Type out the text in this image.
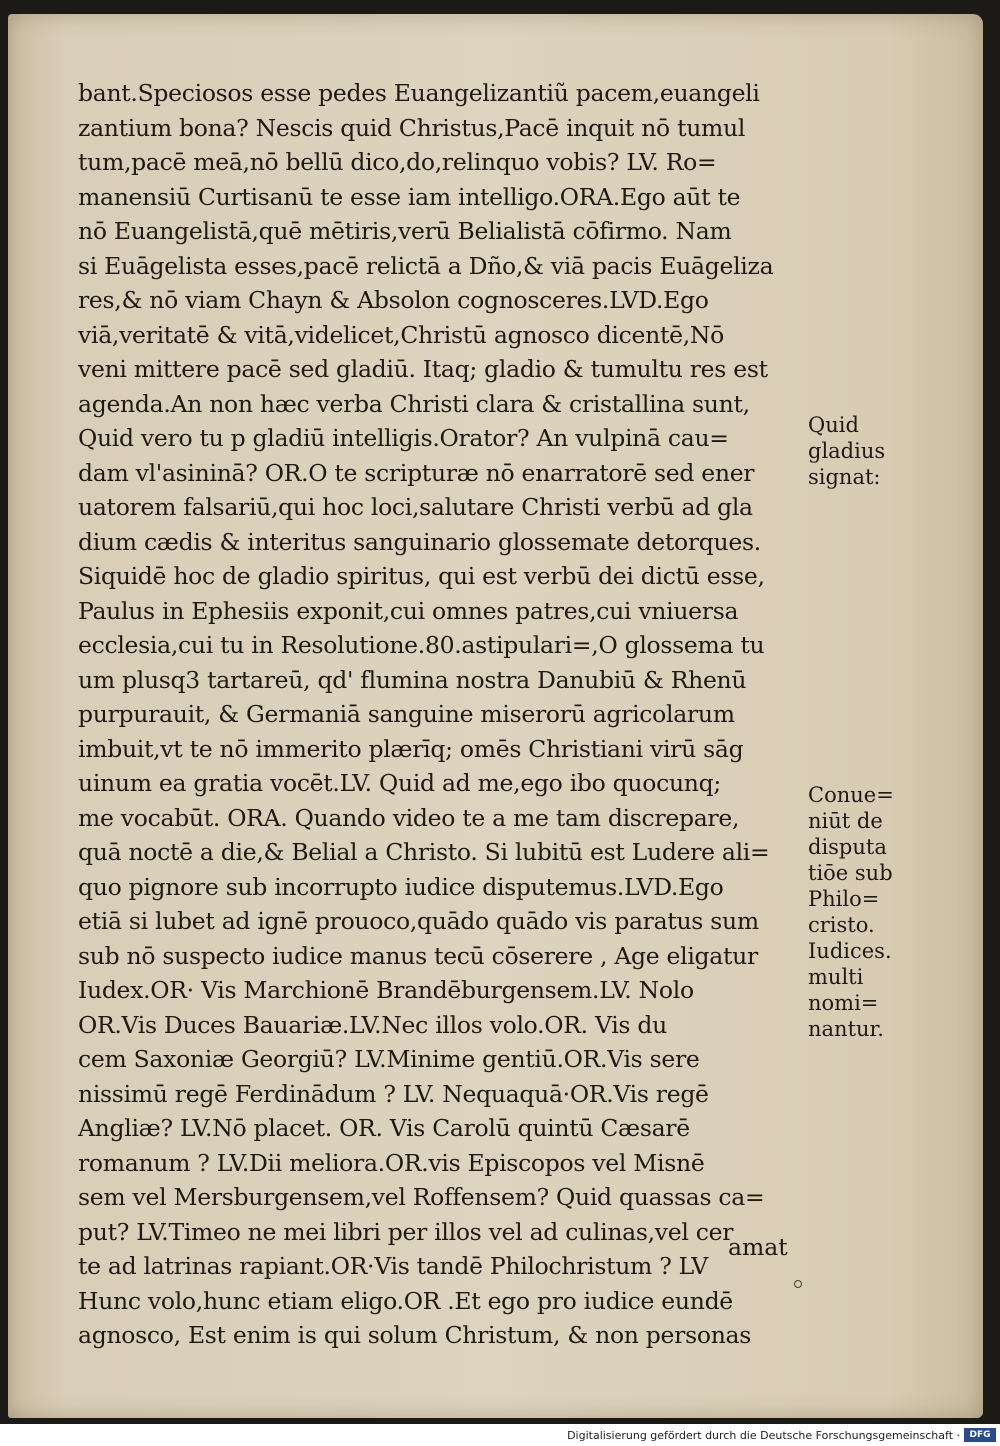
bant.Speciosos esse pedes Euangelizantiũ pacem,euangeli
zantium bona? Nescis quid Christus,Pacē inquit nō tumul
tum,pacē meā,nō bellū dico,do,relinquo vobis? LV. Ro=
manensiū Curtisanū te esse iam intelligo.ORA.Ego aūt te
nō Euangelistā,quē mētiris,verū Belialistā cōfirmo. Nam
si Euāgelista esses,pacē relictā a Dño,& viā pacis Euāgeliza
res,& nō viam Chayn & Absolon cognosceres.LVD.Ego
viā,veritatē & vitā,videlicet,Christū agnosco dicentē,Nō
veni mittere pacē sed gladiū. Itaq; gladio & tumultu res est
agenda.An non hæc verba Christi clara & cristallina sunt,
Quid vero tu p gladiū intelligis.Orator? An vulpinā cau=
dam vl'asininā? OR.O te scripturæ nō enarratorē sed ener
uatorem falsariū,qui hoc loci,salutare Christi verbū ad gla
dium cædis & interitus sanguinario glossemate detorques.
Siquidē hoc de gladio spiritus, qui est verbū dei dictū esse,
Paulus in Ephesiis exponit,cui omnes patres,cui vniuersa
ecclesia,cui tu in Resolutione.80.astipulari=,O glossema tu
um plusq3 tartareū, qd' flumina nostra Danubiū & Rhenū
purpurauit, & Germaniā sanguine miserorū agricolarum
imbuit,vt te nō immerito plærīq; omēs Christiani virū sāg
uinum ea gratia vocēt.LV. Quid ad me,ego ibo quocunq;
me vocabūt. ORA. Quando video te a me tam discrepare,
quā noctē a die,& Belial a Christo. Si lubitū est Ludere ali=
quo pignore sub incorrupto iudice disputemus.LVD.Ego
etiā si lubet ad ignē prouoco,quādo quādo vis paratus sum
sub nō suspecto iudice manus tecū cōserere , Age eligatur
Iudex.OR· Vis Marchionē Brandēburgensem.LV. Nolo
OR.Vis Duces Bauariæ.LV.Nec illos volo.OR. Vis du
cem Saxoniæ Georgiū? LV.Minime gentiū.OR.Vis sere
nissimū regē Ferdinādum ? LV. Nequaquā·OR.Vis regē
Angliæ? LV.Nō placet. OR. Vis Carolū quintū Cæsarē
romanum ? LV.Dii meliora.OR.vis Episcopos vel Misnē
sem vel Mersburgensem,vel Roffensem? Quid quassas ca=
put? LV.Timeo ne mei libri per illos vel ad culinas,vel cer
te ad latrinas rapiant.OR·Vis tandē Philochristum ? LV
Hunc volo,hunc etiam eligo.OR .Et ego pro iudice eundē
agnosco, Est enim is qui solum Christum, & non personas
Quid
gladius
signat:
Conue=
niūt de
disputa
tiōe sub
Philo=
cristo.
Iudices.
multi
nomi=
nantur.
amat
Digitalisierung gefördert durch die Deutsche Forschungsgemeinschaft ·	DFG
